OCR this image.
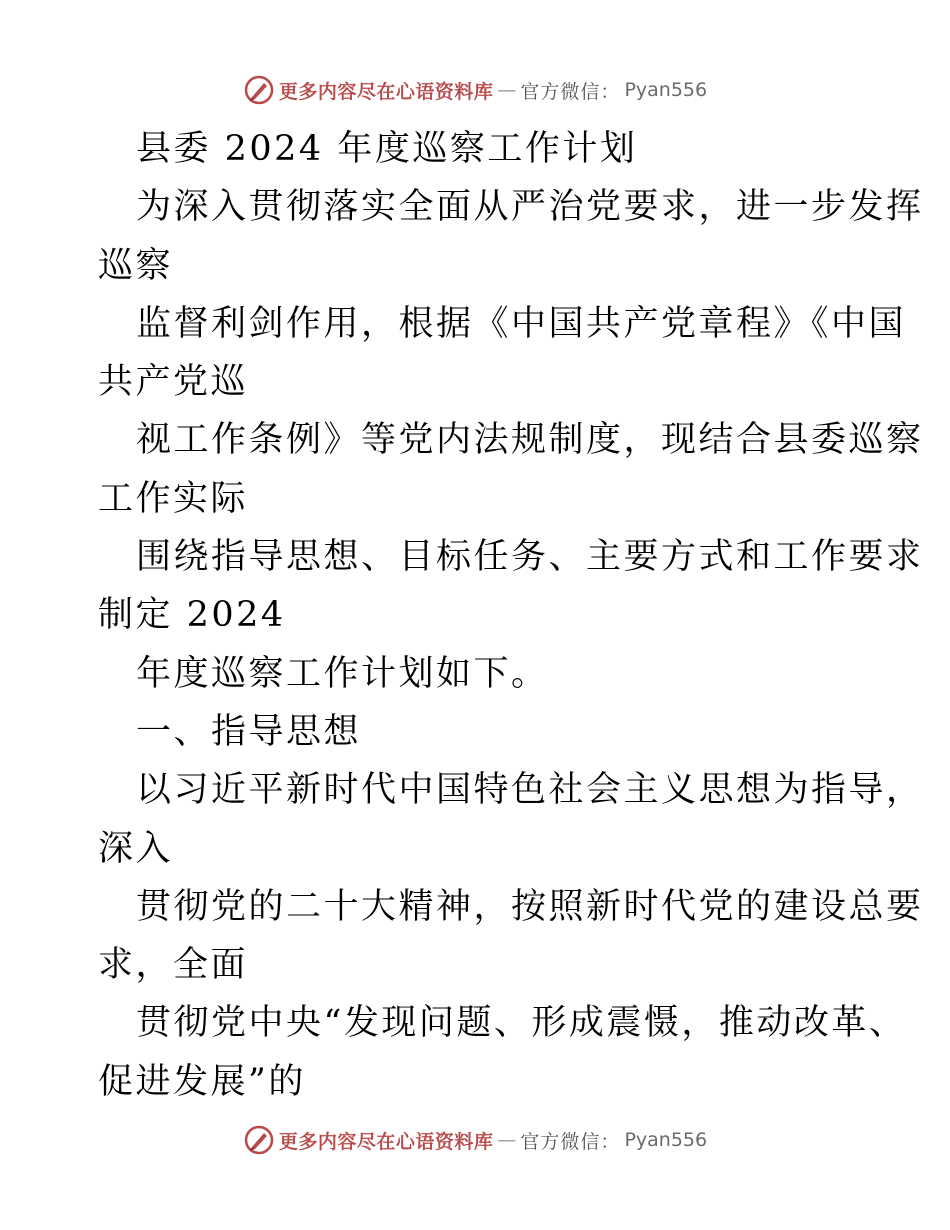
更多内容尽在心语资料库 — 官方微信： Pyan556
县委 2024 年度巡察工作计划
为深入贯彻落实全面从严治党要求，进一步发挥
巡察
监督利剑作用，根据《中国共产党章程》《中国
共产党巡
视工作条例》等党内法规制度，现结合县委巡察
工作实际
围绕指导思想、目标任务、主要方式和工作要求
制定 2024
年度巡察工作计划如下。
一、指导思想
以习近平新时代中国特色社会主义思想为指导，
深入
贯彻党的二十大精神，按照新时代党的建设总要
求，全面
贯彻党中央“发现问题、形成震慑，推动改革、
促进发展”的
更多内容尽在心语资料库 — 官方微信： Pyan556
